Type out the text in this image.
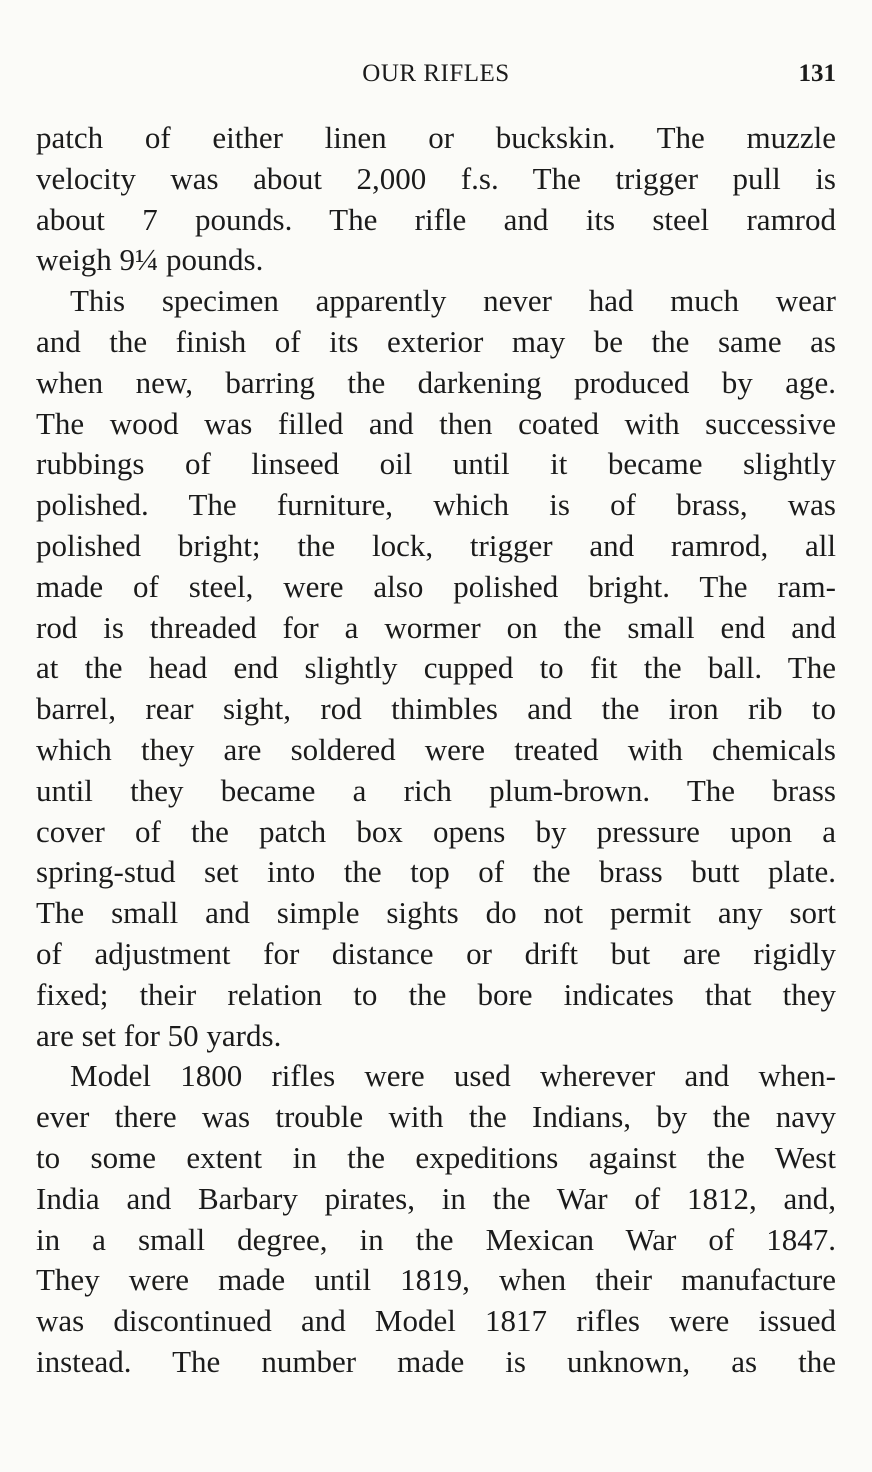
OUR RIFLES	131
patch of either linen or buckskin. The muzzle
velocity was about 2,000 f.s. The trigger pull is
about 7 pounds. The rifle and its steel ramrod
weigh 9¼ pounds.
This specimen apparently never had much wear
and the finish of its exterior may be the same as
when new, barring the darkening produced by age.
The wood was filled and then coated with successive
rubbings of linseed oil until it became slightly
polished. The furniture, which is of brass, was
polished bright; the lock, trigger and ramrod, all
made of steel, were also polished bright. The ram-
rod is threaded for a wormer on the small end and
at the head end slightly cupped to fit the ball. The
barrel, rear sight, rod thimbles and the iron rib to
which they are soldered were treated with chemicals
until they became a rich plum-brown. The brass
cover of the patch box opens by pressure upon a
spring-stud set into the top of the brass butt plate.
The small and simple sights do not permit any sort
of adjustment for distance or drift but are rigidly
fixed; their relation to the bore indicates that they
are set for 50 yards.
Model 1800 rifles were used wherever and when-
ever there was trouble with the Indians, by the navy
to some extent in the expeditions against the West
India and Barbary pirates, in the War of 1812, and,
in a small degree, in the Mexican War of 1847.
They were made until 1819, when their manufacture
was discontinued and Model 1817 rifles were issued
instead. The number made is unknown, as the
